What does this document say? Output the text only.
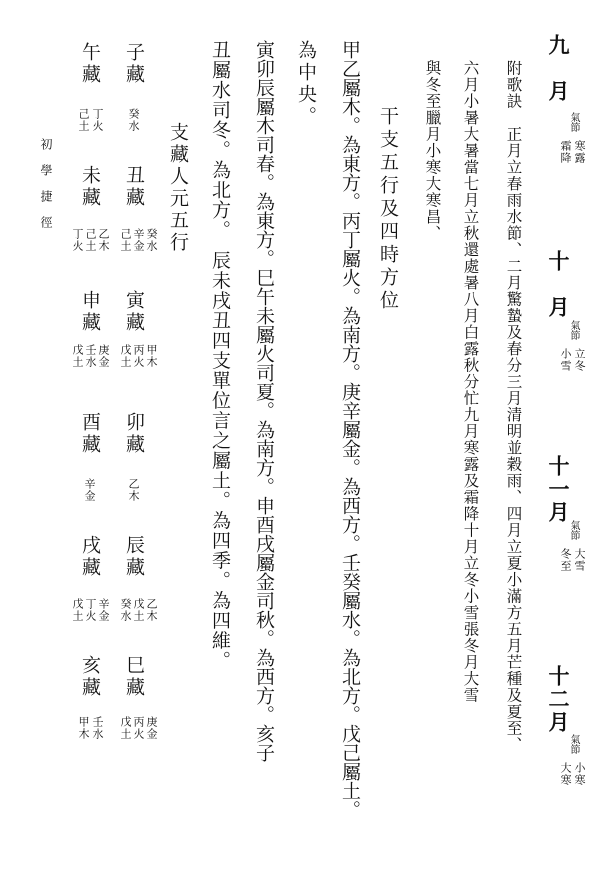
九　月
氣節
寒露
霜降
十　月
氣節
立冬
小雪
十一月
氣節
大雪
冬至
十二月
氣節
小寒
大寒
附歌訣　正月立春雨水節、二月驚蟄及春分三月清明並穀雨、四月立夏小滿方五月芒種及夏至、
六月小暑大暑當七月立秋還處暑八月白露秋分忙九月寒露及霜降十月立冬小雪張冬月大雪
與冬至臘月小寒大寒昌、
干支五行及四時方位
甲乙屬木。為東方。丙丁屬火。為南方。庚辛屬金。為西方。壬癸屬水。為北方。戊己屬土。
為中央。
寅卯辰屬木司春。為東方。巳午未屬火司夏。為南方。申酉戌屬金司秋。為西方。亥子
丑屬水司冬。為北方。　辰未戌丑四支單位言之屬土。為四季。為四維。
支藏人元五行
子藏
癸水
午藏
丁火
己土
丑藏
癸水
辛金
己土
未藏
乙木
己土
丁火
寅藏
甲木
丙火
戊土
申藏
庚金
壬水
戊土
卯藏
乙木
酉藏
辛金
辰藏
乙木
戊土
癸水
戌藏
辛金
丁火
戊土
巳藏
庚金
丙火
戊土
亥藏
壬水
甲木
初學捷徑
